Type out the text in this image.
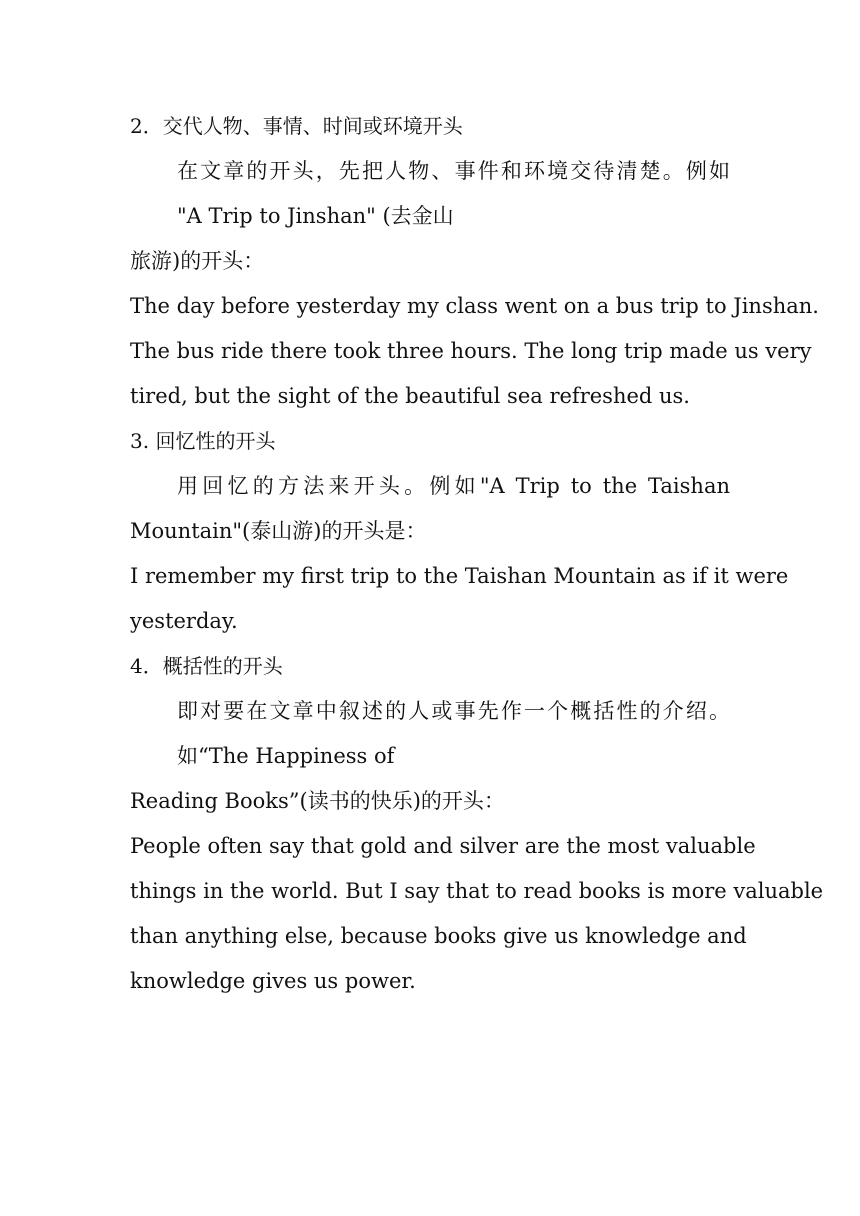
2．交代人物、事情、时间或环境开头
在文章的开头，先把人物、事件和环境交待清楚。例如
"A Trip to Jinshan" (去金山
旅游)的开头：
The day before yesterday my class went on a bus trip to Jinshan.
The bus ride there took three hours. The long trip made us very
tired, but the sight of the beautiful sea refreshed us.
3. 回忆性的开头
用回忆的方法来开头。例如"A Trip to the Taishan
Mountain"(泰山游)的开头是：
I remember my first trip to the Taishan Mountain as if it were
yesterday.
4．概括性的开头
即对要在文章中叙述的人或事先作一个概括性的介绍。
如“The Happiness of
Reading Books”(读书的快乐)的开头：
People often say that gold and silver are the most valuable
things in the world. But I say that to read books is more valuable
than anything else, because books give us knowledge and
knowledge gives us power.
